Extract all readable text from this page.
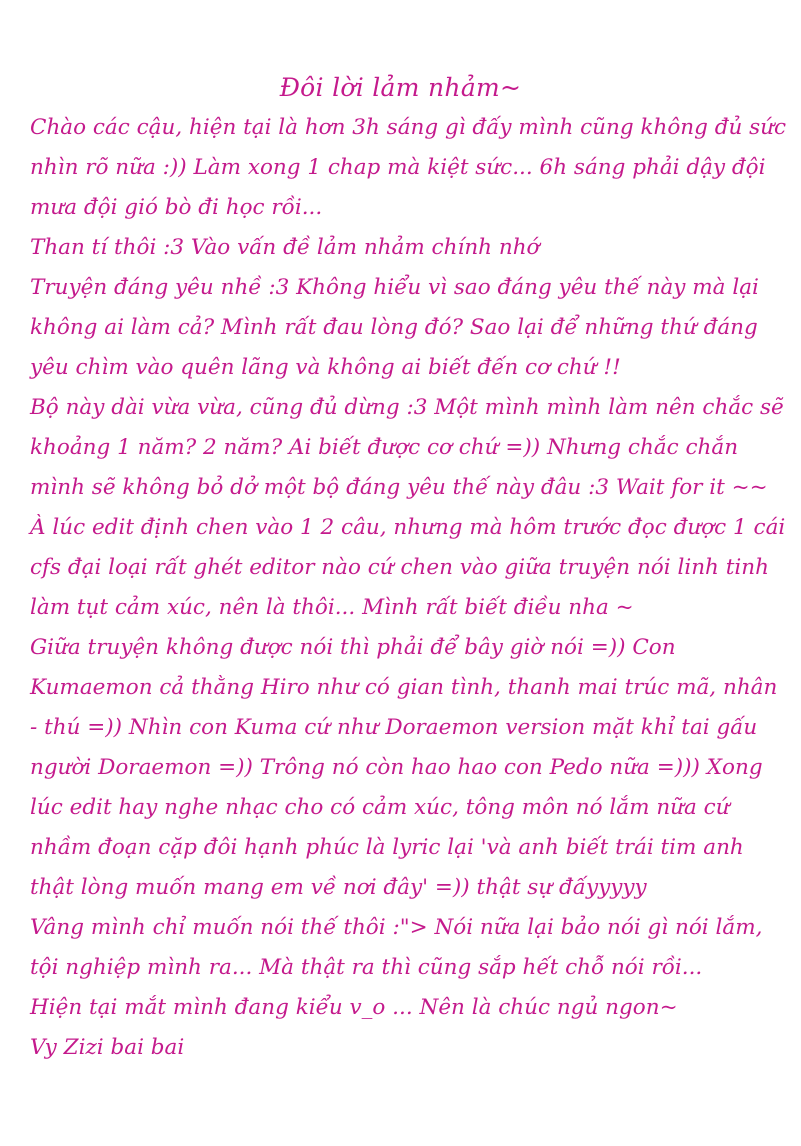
Đôi lời lảm nhảm~

Chào các cậu, hiện tại là hơn 3h sáng gì đấy mình cũng không đủ sức nhìn rõ nữa :)) Làm xong 1 chap mà kiệt sức... 6h sáng phải dậy đội mưa đội gió bò đi học rồi...

Than tí thôi :3 Vào vấn đề lảm nhảm chính nhớ

Truyện đáng yêu nhề :3 Không hiểu vì sao đáng yêu thế này mà lại không ai làm cả? Mình rất đau lòng đó? Sao lại để những thứ đáng yêu chìm vào quên lãng và không ai biết đến cơ chứ !!

Bộ này dài vừa vừa, cũng đủ dừng :3 Một mình mình làm nên chắc sẽ khoảng 1 năm? 2 năm? Ai biết được cơ chứ =)) Nhưng chắc chắn mình sẽ không bỏ dở một bộ đáng yêu thế này đâu :3 Wait for it ~~

À lúc edit định chen vào 1 2 câu, nhưng mà hôm trước đọc được 1 cái cfs đại loại rất ghét editor nào cứ chen vào giữa truyện nói linh tinh làm tụt cảm xúc, nên là thôi... Mình rất biết điều nha ~

Giữa truyện không được nói thì phải để bây giờ nói =)) Con Kumaemon cả thằng Hiro như có gian tình, thanh mai trúc mã, nhân - thú =)) Nhìn con Kuma cứ như Doraemon version mặt khỉ tai gấu người Doraemon =)) Trông nó còn hao hao con Pedo nữa =))) Xong lúc edit hay nghe nhạc cho có cảm xúc, tông môn nó lắm nữa cứ nhầm đoạn cặp đôi hạnh phúc là lyric lại 'và anh biết trái tim anh thật lòng muốn mang em về nơi đây' =)) thật sự đấyyyyy

Vâng mình chỉ muốn nói thế thôi :"> Nói nữa lại bảo nói gì nói lắm, tội nghiệp mình ra... Mà thật ra thì cũng sắp hết chỗ nói rồi...

Hiện tại mắt mình đang kiểu v_o ... Nên là chúc ngủ ngon~

Vy Zizi bai bai
